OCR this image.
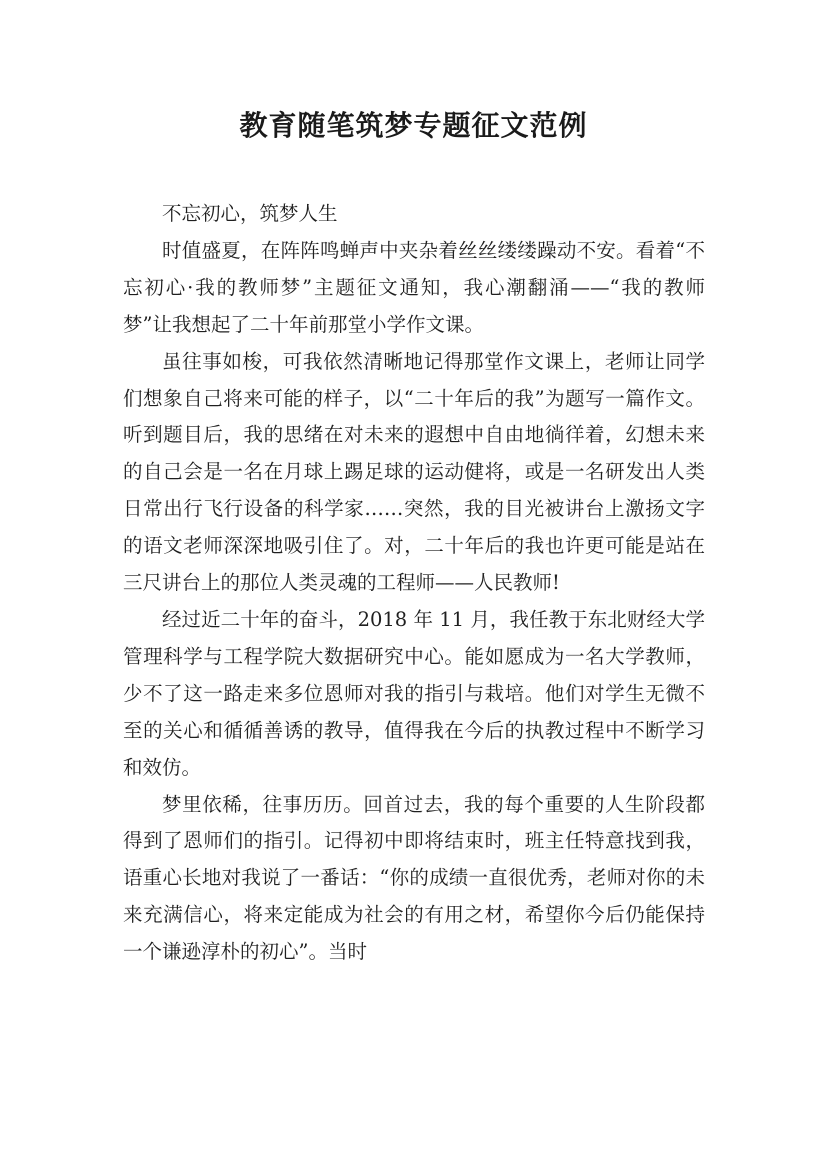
教育随笔筑梦专题征文范例

不忘初心，筑梦人生

时值盛夏，在阵阵鸣蝉声中夹杂着丝丝缕缕躁动不安。看着“不忘初心·我的教师梦”主题征文通知，我心潮翻涌——“我的教师梦”让我想起了二十年前那堂小学作文课。

虽往事如梭，可我依然清晰地记得那堂作文课上，老师让同学们想象自己将来可能的样子，以“二十年后的我”为题写一篇作文。听到题目后，我的思绪在对未来的遐想中自由地徜徉着，幻想未来的自己会是一名在月球上踢足球的运动健将，或是一名研发出人类日常出行飞行设备的科学家……突然，我的目光被讲台上激扬文字的语文老师深深地吸引住了。对，二十年后的我也许更可能是站在三尺讲台上的那位人类灵魂的工程师——人民教师!

经过近二十年的奋斗，2018 年 11 月，我任教于东北财经大学管理科学与工程学院大数据研究中心。能如愿成为一名大学教师，少不了这一路走来多位恩师对我的指引与栽培。他们对学生无微不至的关心和循循善诱的教导，值得我在今后的执教过程中不断学习和效仿。

梦里依稀，往事历历。回首过去，我的每个重要的人生阶段都得到了恩师们的指引。记得初中即将结束时，班主任特意找到我，语重心长地对我说了一番话：“你的成绩一直很优秀，老师对你的未来充满信心，将来定能成为社会的有用之材，希望你今后仍能保持一个谦逊淳朴的初心”。当时
